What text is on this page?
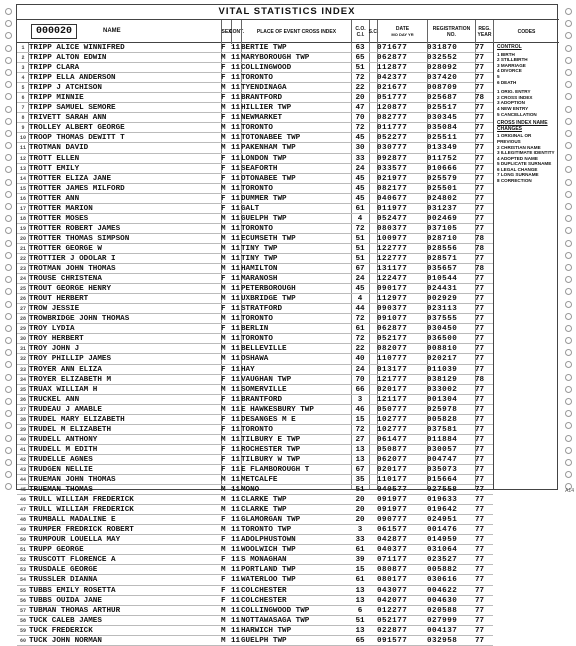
VITAL STATISTICS INDEX
000020	NAME	SEX
CONT.	PLACE OF EVENT CROSS INDEX	C.O. C.I. S.C.	DATE
MO DAY YR
REGISTRATION NO.
REG. YEAR	CODES
1 TRIPP ALICE WINNIFRED	F 11 BERTIE TWP	63	071677	031870	77
2 TRIPP ALTON EDWIN	M 11 MARYBOROUGH TWP	65	062877	032552	77
3 TRIPP CLARA	F 11 COLLINGWOOD	51	112877	028092	77
4 TRIPP ELLA ANDERSON	F 11 TORONTO	72	042377	037420	77
5 TRIPP J ATCHISON	M 11 TYENDINAGA	22	021677	008709	77
6 TRIPP MINNIE	F 11 BRANTFORD	20	051777	025687	78
7 TRIPP SAMUEL SEMORE	M 11 HILLIER TWP	47	120877	025517	77
8 TRIVETT SARAH ANN	F 11 NEWMARKET	70	082777	030345	77
9 TROLLEY ALBERT GEORGE	M 11 TORONTO	72	011777	035084	77
10 TROOP THOMAS DEWITT T	M 11 TOTONABEE TWP	45	052277	025511	77
11 TROTMAN DAVID	M 11 PAKENHAM TWP	30	030777	013349	77
12 TROTT ELLEN	F 11 LONDON TWP	33	092877	011752	77
13 TROTT EMILY	F 11 SEAFORTH	24	033577	010666	77
14 TROTTER ELIZA JANE	F 11 OTONABEE TWP	45	021977	025579	77
15 TROTTER JAMES MILFORD	M 11 TORONTO	45	082177	025501	77
16 TROTTER ANN	F 11 DUMMER TWP	45	040677	024802	77
17 TROTTER MARION	F 11 GALT	61	011977	031237	77
18 TROTTER MOSES	M 11 GUELPH TWP	4	052477	002469	77
19 TROTTER ROBERT JAMES	M 11 TORONTO	72	080377	037105	77
20 TROTTER THOMAS SIMPSON	M 11 ECUMSETH TWP	51	100977	028710	78
21 TROTTER GEORGE W	M 11 TINY TWP	51	122777	028556	78
22 TROTTIER J ODOLAR I	M 11 TINY TWP	51	122777	028571	77
23 TROTMAN JOHN THOMAS	M 11 HAMILTON	67	131177	035657	78
24 TROUSE CHRISTENA	F 11 MARANOSH	24	122477	010544	77
25 TROUT GEORGE HENRY	M 11 PETERBOROUGH	45	090177	024431	77
26 TROUT HERBERT	M 11 UXBRIDGE TWP	4	112977	002929	77
27 TROW JESSIE	F 11 STRATFORD	44	090377	023113	77
28 TROWBRIDGE JOHN THOMAS	M 11 TORONTO	72	091077	037555	77
29 TROY LYDIA	F 11 BERLIN	61	062877	030450	77
30 TROY HERBERT	M 11 TORONTO	72	052177	036500	77
31 TROY JOHN J	M 11 BELLEVILLE	22	082077	008810	77
32 TROY PHILLIP JAMES	M 11 OSHAWA	40	110777	020217	77
33 TROYER ANN ELIZA	F 11 HAY	24	013177	011039	77
34 TROYER ELIZABETH M	F 11 VAUGHAN TWP	70	121777	038129	78
35 TRUAX WILLIAM H	M 11 SOMERVILLE	66	020177	033002	77
36 TRUCKEL ANN	F 11 BRANTFORD	3	121177	001304	77
37 TRUDEAU J AMABLE	M 11 E HAWKESBURY TWP	46	050777	025978	77
38 TRUDEL MARY ELIZABETH	F 11 DESANGES M E	15	102777	005828	77
39 TRUDEL M ELIZABETH	F 11 TORONTO	72	102777	037581	77
40 TRUDELL ANTHONY	M 11 TILBURY E TWP	27	061477	011884	77
41 TRUDELL M EDITH	F 11 ROCHESTER TWP	13	050877	030057	77
42 TRUDELLE AGNES	F 11 TILBURY W TWP	13	062077	004747	77
43 TRUDGEN NELLIE	F 11 E FLAMBOROUGH T	67	020177	035073	77
44 TRUEMAN JOHN THOMAS	M 11 METCALFE	35	110177	015664	77
45 TRUEMAN THOMAS	M 11 MONO	51	040577	027558	77
46 TRULL WILLIAM FREDERICK	M 11 CLARKE TWP	20	091977	019633	77
47 TRULL WILLIAM FREDERICK	M 11 CLARKE TWP	20	091977	019642	77
48 TRUMBALL MADALINE E	F 11 GLAMORGAN TWP	20	090777	024951	77
49 TRUMPER FREDRICK ROBERT	M 11 TORONTO TWP	3	061577	001476	77
50 TRUMPOUR LOUELLA MAY	F 11 ADOLPHUSTOWN	33	042877	014959	77
51 TRUPP GEORGE	M 11 WOOLWICH TWP	61	040377	031064	77
52 TRUSCOTT FLORENCE A	F 11 S MONAGHAN	39	071177	023527	77
53 TRUSDALE GEORGE	M 11 PORTLAND TWP	15	080877	005882	77
54 TRUSSLER DIANNA	F 11 WATERLOO TWP	61	080177	030616	77
55 TUBBS EMILY ROSETTA	F 11 COLCHESTER	13	043077	004622	77
56 TUBBS OUIDA JANE	F 11 COLCHESTER	13	042077	004630	77
57 TUBMAN THOMAS ARTHUR	M 11 COLLINGWOOD TWP	6	012277	020588	77
58 TUCK CALEB JAMES	M 11 NOTTAWASAGA TWP	51	052177	027999	77
59 TUCK FREDERICK	M 11 HARWICH TWP	13	022877	004137	77
60 TUCK JOHN NORMAN	M 11 GUELPH TWP	65	091577	032958	77
CONTROL
1 BIRTH
2 STILLBIRTH
3 MARRIAGE
4 DIVORCE
5
6 DEATH
1 ORIG. ENTRY
2 CROSS INDEX
3 ADOPTION
4 NEW ENTRY
5 CANCELLATION
CROSS INDEX NAME CHANGES
1 ORIGINAL OR PREVIOUS
2 CHRISTIAN NAME
3 ILLEGITIMATE IDENTITY
4 ADOPTED NAME
5 DUPLICATE SURNAME
6 LEGAL CHANGE
7 LONG SURNAME
8 CORRECTION
A14
